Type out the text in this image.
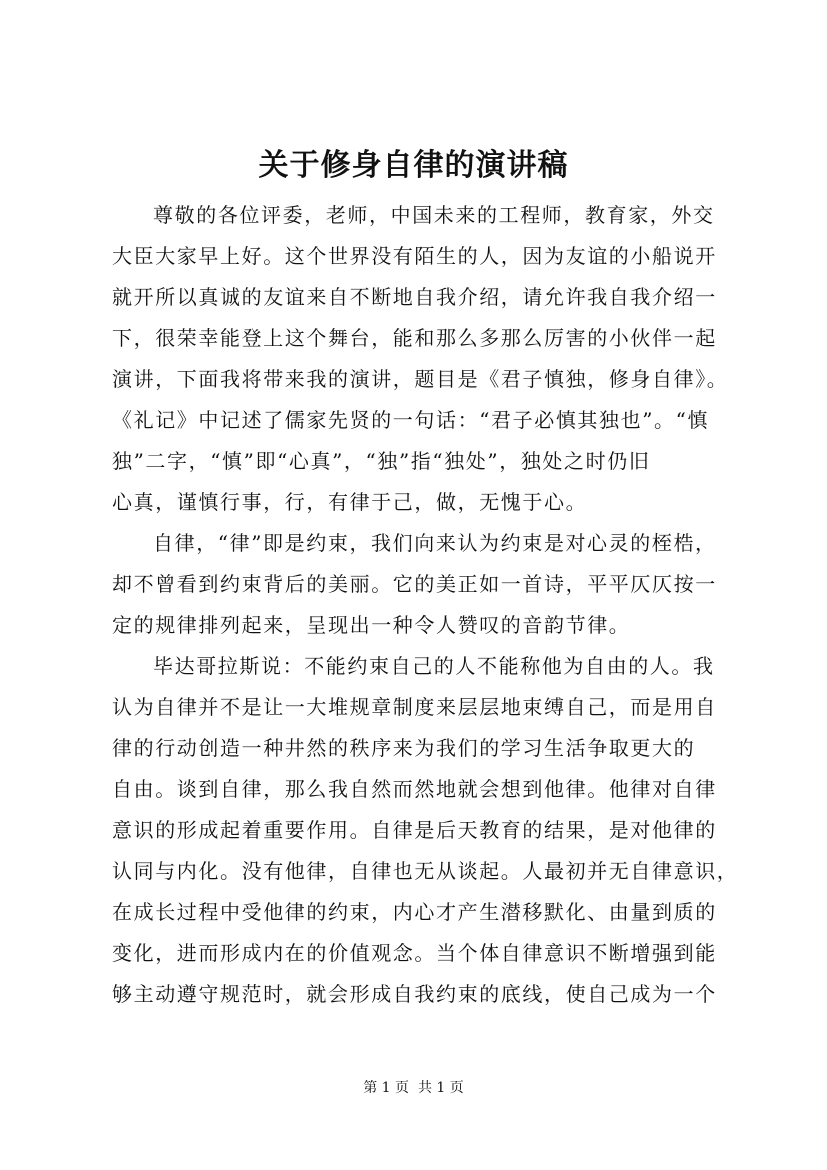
关于修身自律的演讲稿
尊敬的各位评委，老师，中国未来的工程师，教育家，外交
大臣大家早上好。这个世界没有陌生的人，因为友谊的小船说开
就开所以真诚的友谊来自不断地自我介绍，请允许我自我介绍一
下，很荣幸能登上这个舞台，能和那么多那么厉害的小伙伴一起
演讲，下面我将带来我的演讲，题目是《君子慎独，修身自律》。
《礼记》中记述了儒家先贤的一句话：“君子必慎其独也”。“慎
独”二字，“慎”即“心真”，“独”指“独处”，独处之时仍旧
心真，谨慎行事，行，有律于己，做，无愧于心。
自律，“律”即是约束，我们向来认为约束是对心灵的桎梏，
却不曾看到约束背后的美丽。它的美正如一首诗，平平仄仄按一
定的规律排列起来，呈现出一种令人赞叹的音韵节律。
毕达哥拉斯说：不能约束自己的人不能称他为自由的人。我
认为自律并不是让一大堆规章制度来层层地束缚自己，而是用自
律的行动创造一种井然的秩序来为我们的学习生活争取更大的
自由。谈到自律，那么我自然而然地就会想到他律。他律对自律
意识的形成起着重要作用。自律是后天教育的结果，是对他律的
认同与内化。没有他律，自律也无从谈起。人最初并无自律意识，
在成长过程中受他律的约束，内心才产生潜移默化、由量到质的
变化，进而形成内在的价值观念。当个体自律意识不断增强到能
够主动遵守规范时，就会形成自我约束的底线，使自己成为一个
第 1 页  共 1 页
